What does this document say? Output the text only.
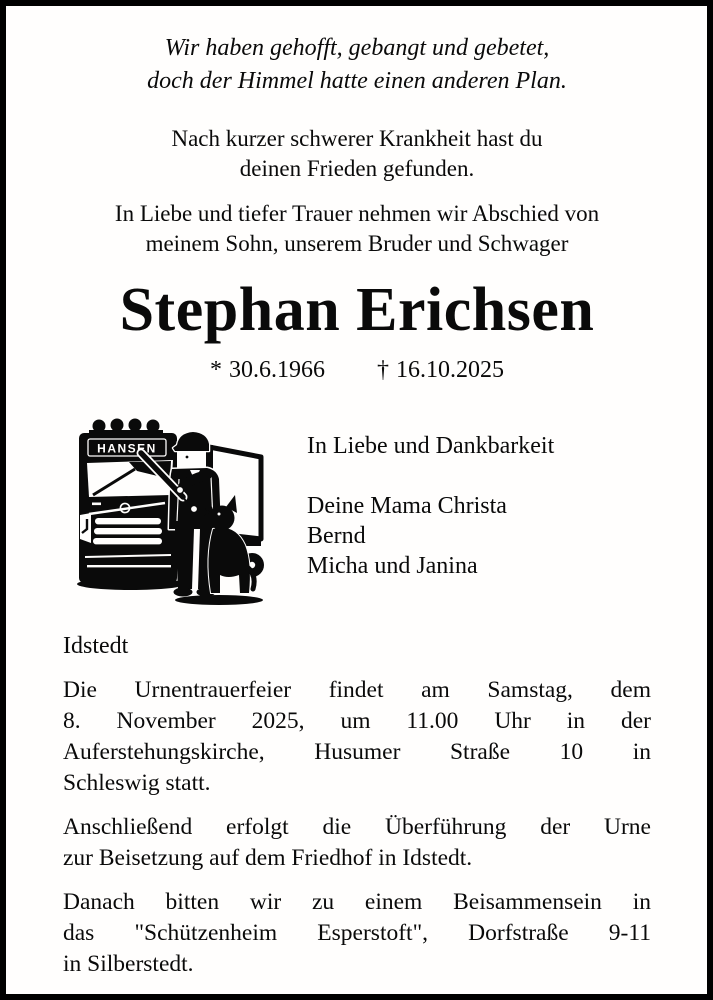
Wir haben gehofft, gebangt und gebetet,
doch der Himmel hatte einen anderen Plan.
Nach kurzer schwerer Krankheit hast du
deinen Frieden gefunden.
In Liebe und tiefer Trauer nehmen wir Abschied von
meinem Sohn, unserem Bruder und Schwager
Stephan Erichsen
* 30.6.1966 † 16.10.2025
HANSEN	In Liebe und Dankbarkeit
Deine Mama Christa
Bernd
Micha und Janina
Idstedt
Die Urnentrauerfeier findet am Samstag, dem
8. November 2025, um 11.00 Uhr in der
Auferstehungskirche, Husumer Straße 10 in
Schleswig statt.
Anschließend erfolgt die Überführung der Urne
zur Beisetzung auf dem Friedhof in Idstedt.
Danach bitten wir zu einem Beisammensein in
das "Schützenheim Esperstoft", Dorfstraße 9-11
in Silberstedt.
